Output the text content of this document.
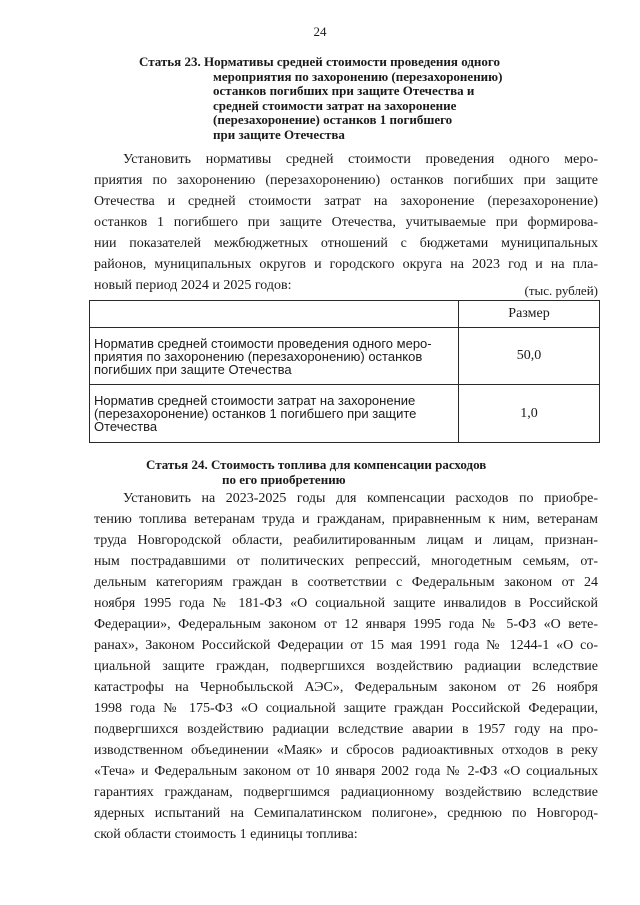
24
Статья 23. Нормативы средней стоимости проведения одного
мероприятия по захоронению (перезахоронению)
останков погибших при защите Отечества и
средней стоимости затрат на захоронение
(перезахоронение) останков 1 погибшего
при защите Отечества
Установить нормативы средней стоимости проведения одного меро-
приятия по захоронению (перезахоронению) останков погибших при защите
Отечества и средней стоимости затрат на захоронение (перезахоронение)
останков 1 погибшего при защите Отечества, учитываемые при формирова-
нии показателей межбюджетных отношений с бюджетами муниципальных
районов, муниципальных округов и городского округа на 2023 год и на пла-
новый период 2024 и 2025 годов:	(тыс. рублей)
	Размер

Норматив средней стоимости проведения одного меро-
приятия по захоронению (перезахоронению) останков
погибших при защите Отечества	50,0

Норматив средней стоимости затрат на захоронение
(перезахоронение) останков 1 погибшего при защите
Отечества	1,0
Статья 24. Стоимость топлива для компенсации расходов
по его приобретению
Установить на 2023-2025 годы для компенсации расходов по приобре-
тению топлива ветеранам труда и гражданам, приравненным к ним, ветеранам
труда Новгородской области, реабилитированным лицам и лицам, признан-
ным пострадавшими от политических репрессий, многодетным семьям, от-
дельным категориям граждан в соответствии с Федеральным законом от 24
ноября 1995 года № 181-ФЗ «О социальной защите инвалидов в Российской
Федерации», Федеральным законом от 12 января 1995 года № 5-ФЗ «О вете-
ранах», Законом Российской Федерации от 15 мая 1991 года № 1244-1 «О со-
циальной защите граждан, подвергшихся воздействию радиации вследствие
катастрофы на Чернобыльской АЭС», Федеральным законом от 26 ноября
1998 года № 175-ФЗ «О социальной защите граждан Российской Федерации,
подвергшихся воздействию радиации вследствие аварии в 1957 году на про-
изводственном объединении «Маяк» и сбросов радиоактивных отходов в реку
«Теча» и Федеральным законом от 10 января 2002 года № 2-ФЗ «О социальных
гарантиях гражданам, подвергшимся радиационному воздействию вследствие
ядерных испытаний на Семипалатинском полигоне», среднюю по Новгород-
ской области стоимость 1 единицы топлива:
